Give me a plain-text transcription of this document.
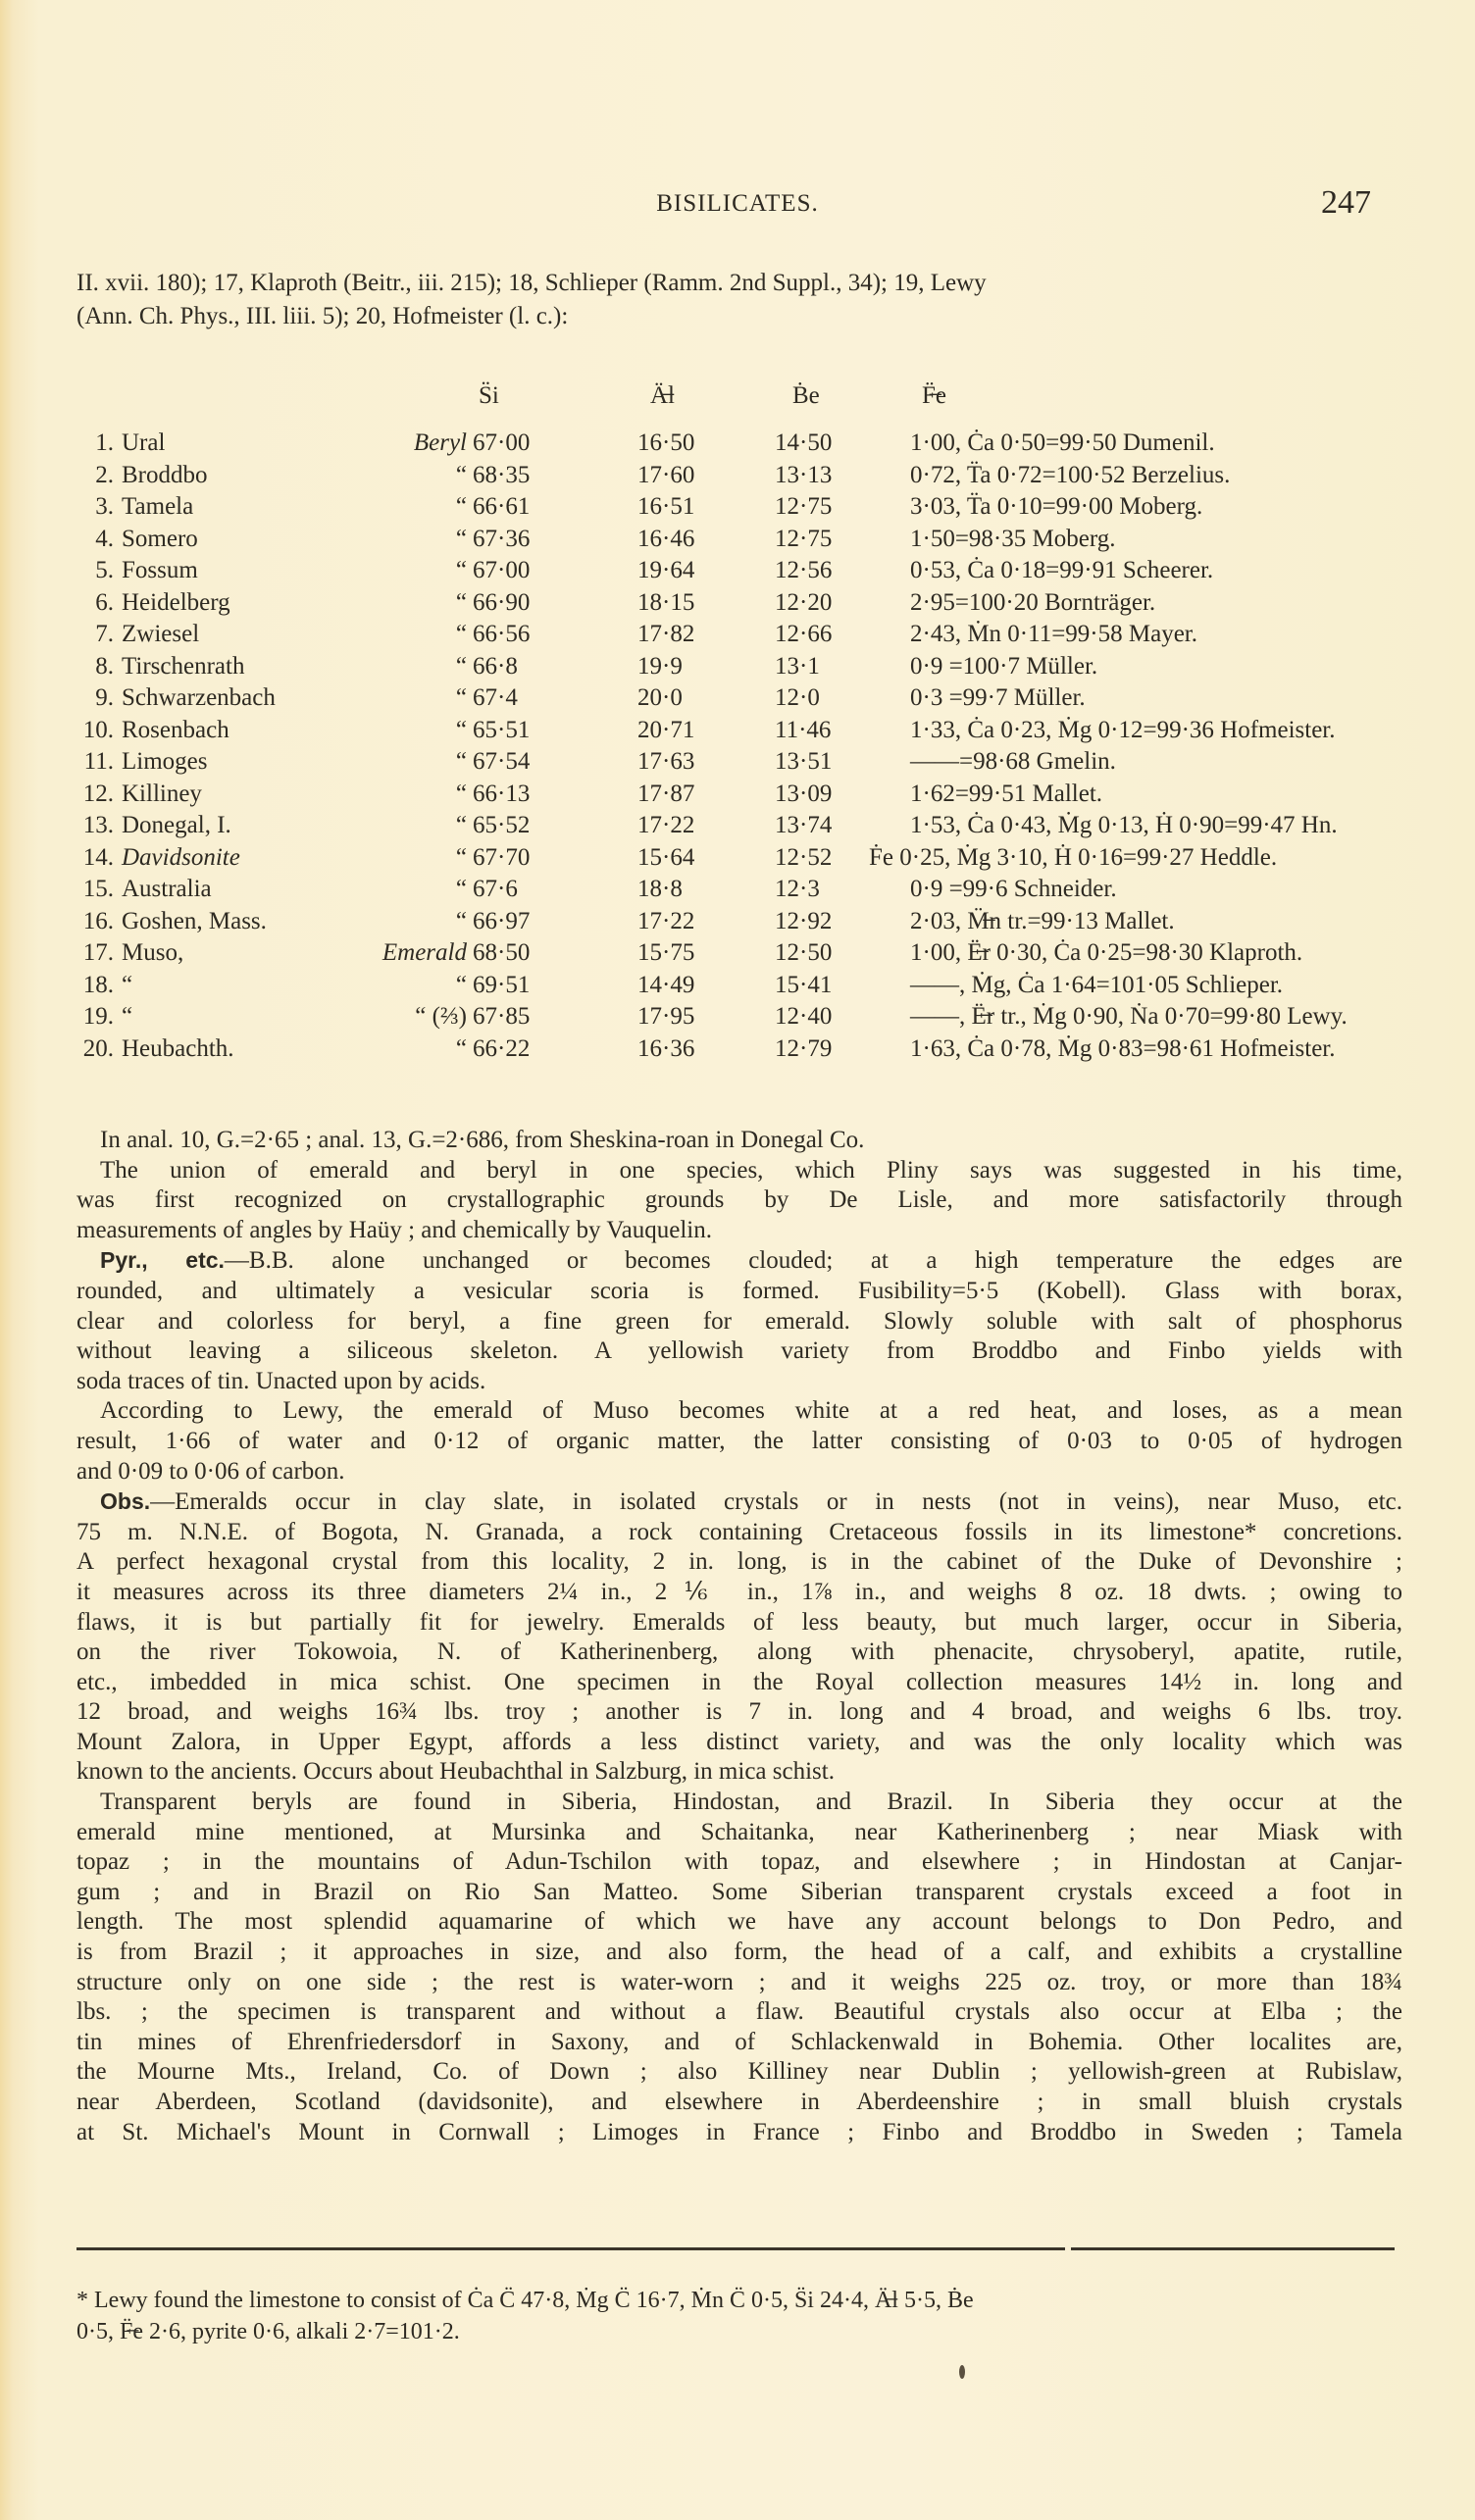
BISILICATES.	247
II. xvii. 180); 17, Klaproth (Beitr., iii. 215); 18, Schlieper (Ramm. 2nd Suppl., 34); 19, Lewy
(Ann. Ch. Phys., III. liii. 5); 20, Hofmeister (l. c.):
S̈i	Ä̶l	Ḃe	F̶̈e
1. Ural	Beryl 67·00	16·50	14·50	1·00, Ċa 0·50=99·50 Dumenil.
2. Broddbo	“ 68·35	17·60	13·13	0·72, T̈a 0·72=100·52 Berzelius.
3. Tamela	“ 66·61	16·51	12·75	3·03, T̈a 0·10=99·00 Moberg.
4. Somero	“ 67·36	16·46	12·75	1·50=98·35 Moberg.
5. Fossum	“ 67·00	19·64	12·56	0·53, Ċa 0·18=99·91 Scheerer.
6. Heidelberg	“ 66·90	18·15	12·20	2·95=100·20 Bornträger.
7. Zwiesel	“ 66·56	17·82	12·66	2·43, Ṁn 0·11=99·58 Mayer.
8. Tirschenrath	“ 66·8	19·9	13·1	0·9 =100·7 Müller.
9. Schwarzenbach	“ 67·4	20·0	12·0	0·3 =99·7 Müller.
10. Rosenbach	“ 65·51	20·71	11·46	1·33, Ċa 0·23, Ṁg 0·12=99·36 Hofmeister.
11. Limoges	“ 67·54	17·63	13·51	——=98·68 Gmelin.
12. Killiney	“ 66·13	17·87	13·09	1·62=99·51 Mallet.
13. Donegal, I.	“ 65·52	17·22	13·74	1·53, Ċa 0·43, Ṁg 0·13, Ḣ 0·90=99·47 Hn.
14. Davidsonite	“ 67·70	15·64	12·52 Ḟe 0·25, Ṁg 3·10, Ḣ 0·16=99·27 Heddle.
15. Australia	“ 67·6	18·8	12·3	0·9 =99·6 Schneider.
16. Goshen, Mass.	“ 66·97	17·22	12·92	2·03, M̶̈n tr.=99·13 Mallet.
17. Muso,	Emerald 68·50	15·75	12·50	1·00, Ë̶r 0·30, Ċa 0·25=98·30 Klaproth.
18. “	“ 69·51	14·49	15·41	——, Ṁg, Ċa 1·64=101·05 Schlieper.
19. “	“ (⅔) 67·85	17·95	12·40	——, Ë̶r tr., Ṁg 0·90, Ṅa 0·70=99·80 Lewy.
20. Heubachth.	“ 66·22	16·36	12·79	1·63, Ċa 0·78, Ṁg 0·83=98·61 Hofmeister.
In anal. 10, G.=2·65 ; anal. 13, G.=2·686, from Sheskina-roan in Donegal Co.
The union of emerald and beryl in one species, which Pliny says was suggested in his time,
was first recognized on crystallographic grounds by De Lisle, and more satisfactorily through
measurements of angles by Haüy ; and chemically by Vauquelin.
Pyr., etc.—B.B. alone unchanged or becomes clouded; at a high temperature the edges are
rounded, and ultimately a vesicular scoria is formed. Fusibility=5·5 (Kobell). Glass with borax,
clear and colorless for beryl, a fine green for emerald. Slowly soluble with salt of phosphorus
without leaving a siliceous skeleton. A yellowish variety from Broddbo and Finbo yields with
soda traces of tin. Unacted upon by acids.
According to Lewy, the emerald of Muso becomes white at a red heat, and loses, as a mean
result, 1·66 of water and 0·12 of organic matter, the latter consisting of 0·03 to 0·05 of hydrogen
and 0·09 to 0·06 of carbon.
Obs.—Emeralds occur in clay slate, in isolated crystals or in nests (not in veins), near Muso, etc.
75 m. N.N.E. of Bogota, N. Granada, a rock containing Cretaceous fossils in its limestone* concretions.
A perfect hexagonal crystal from this locality, 2 in. long, is in the cabinet of the Duke of Devonshire ;
it measures across its three diameters 2¼ in., 2⅙ in., 1⅞ in., and weighs 8 oz. 18 dwts. ; owing to
flaws, it is but partially fit for jewelry. Emeralds of less beauty, but much larger, occur in Siberia,
on the river Tokowoia, N. of Katherinenberg, along with phenacite, chrysoberyl, apatite, rutile,
etc., imbedded in mica schist. One specimen in the Royal collection measures 14½ in. long and
12 broad, and weighs 16¾ lbs. troy ; another is 7 in. long and 4 broad, and weighs 6 lbs. troy.
Mount Zalora, in Upper Egypt, affords a less distinct variety, and was the only locality which was
known to the ancients. Occurs about Heubachthal in Salzburg, in mica schist.
Transparent beryls are found in Siberia, Hindostan, and Brazil. In Siberia they occur at the
emerald mine mentioned, at Mursinka and Schaitanka, near Katherinenberg ; near Miask with
topaz ; in the mountains of Adun-Tschilon with topaz, and elsewhere ; in Hindostan at Canjar-
gum ; and in Brazil on Rio San Matteo. Some Siberian transparent crystals exceed a foot in
length. The most splendid aquamarine of which we have any account belongs to Don Pedro, and
is from Brazil ; it approaches in size, and also form, the head of a calf, and exhibits a crystalline
structure only on one side ; the rest is water-worn ; and it weighs 225 oz. troy, or more than 18¾
lbs. ; the specimen is transparent and without a flaw. Beautiful crystals also occur at Elba ; the
tin mines of Ehrenfriedersdorf in Saxony, and of Schlackenwald in Bohemia. Other localites are,
the Mourne Mts., Ireland, Co. of Down ; also Killiney near Dublin ; yellowish-green at Rubislaw,
near Aberdeen, Scotland (davidsonite), and elsewhere in Aberdeenshire ; in small bluish crystals
at St. Michael's Mount in Cornwall ; Limoges in France ; Finbo and Broddbo in Sweden ; Tamela
* Lewy found the limestone to consist of Ċa C̈ 47·8, Ṁg C̈ 16·7, Ṁn C̈ 0·5, S̈i 24·4, Ä̶l 5·5, Ḃe
0·5, F̶̈e 2·6, pyrite 0·6, alkali 2·7=101·2.
